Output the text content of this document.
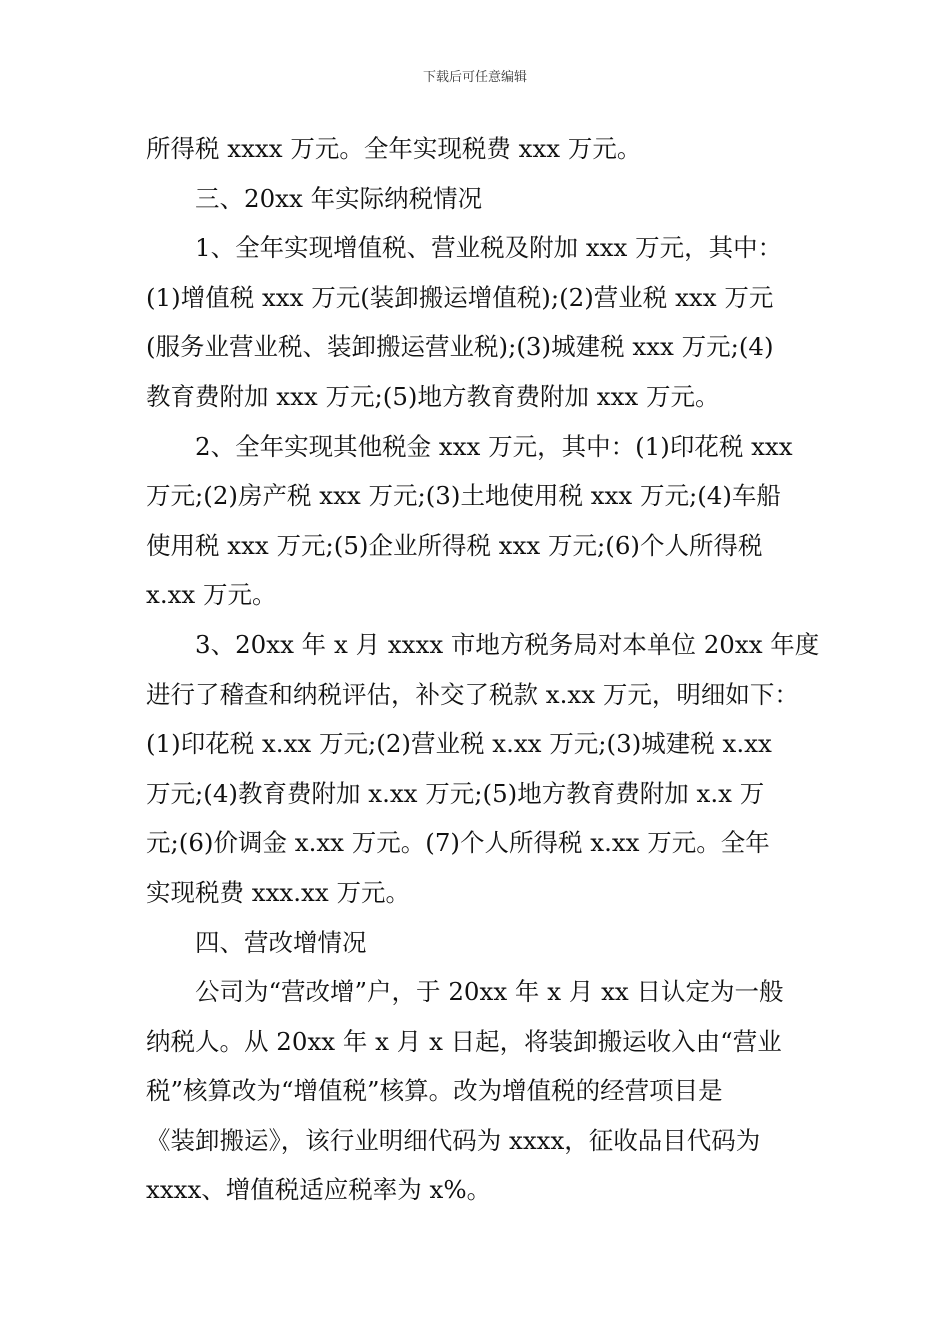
下载后可任意编辑
所得税 xxxx 万元。全年实现税费 xxx 万元。
三、20xx 年实际纳税情况
1、全年实现增值税、营业税及附加 xxx 万元，其中：
(1)增值税 xxx 万元(装卸搬运增值税);(2)营业税 xxx 万元
(服务业营业税、装卸搬运营业税);(3)城建税 xxx 万元;(4)
教育费附加 xxx 万元;(5)地方教育费附加 xxx 万元。
2、全年实现其他税金 xxx 万元，其中：(1)印花税 xxx
万元;(2)房产税 xxx 万元;(3)土地使用税 xxx 万元;(4)车船
使用税 xxx 万元;(5)企业所得税 xxx 万元;(6)个人所得税
x.xx 万元。
3、20xx 年 x 月 xxxx 市地方税务局对本单位 20xx 年度
进行了稽查和纳税评估，补交了税款 x.xx 万元，明细如下：
(1)印花税 x.xx 万元;(2)营业税 x.xx 万元;(3)城建税 x.xx
万元;(4)教育费附加 x.xx 万元;(5)地方教育费附加 x.x 万
元;(6)价调金 x.xx 万元。(7)个人所得税 x.xx 万元。全年
实现税费 xxx.xx 万元。
四、营改增情况
公司为“营改增”户，于 20xx 年 x 月 xx 日认定为一般
纳税人。从 20xx 年 x 月 x 日起，将装卸搬运收入由“营业
税”核算改为“增值税”核算。改为增值税的经营项目是
《装卸搬运》，该行业明细代码为 xxxx，征收品目代码为
xxxx、增值税适应税率为 x%。
